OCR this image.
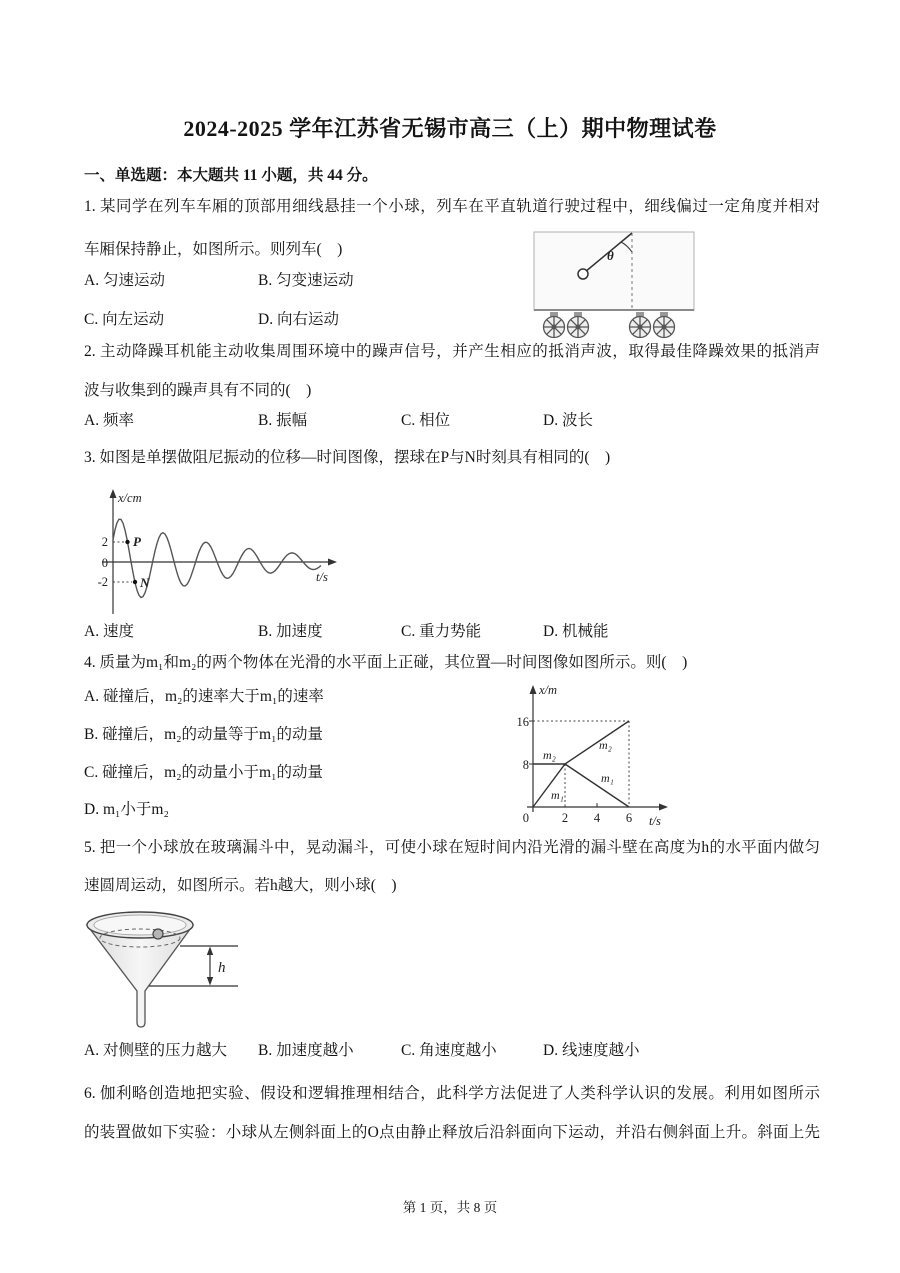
2024-2025 学年江苏省无锡市高三（上）期中物理试卷
一、单选题：本大题共 11 小题，共 44 分。
1. 某同学在列车车厢的顶部用细线悬挂一个小球，列车在平直轨道行驶过程中，细线偏过一定角度并相对
车厢保持静止，如图所示。则列车(　)
A. 匀速运动	B. 匀变速运动
C. 向左运动	D. 向右运动
θ
2. 主动降躁耳机能主动收集周围环境中的躁声信号，并产生相应的抵消声波，取得最佳降躁效果的抵消声
波与收集到的躁声具有不同的(　)
A. 频率	B. 振幅	C. 相位	D. 波长
3. 如图是单摆做阻尼振动的位移—时间图像，摆球在P与N时刻具有相同的(　)
x/cm
t/s
2
0
-2
P
N
A. 速度	B. 加速度	C. 重力势能	D. 机械能
4. 质量为m₁和m₂的两个物体在光滑的水平面上正碰，其位置—时间图像如图所示。则(　)
A. 碰撞后，m₂的速率大于m₁的速率
B. 碰撞后，m₂的动量等于m₁的动量
C. 碰撞后，m₂的动量小于m₁的动量
D. m₁小于m₂
x/m
t/s
0
16
8
2 4 6
m₂
m₁
m₂
m₁
5. 把一个小球放在玻璃漏斗中，晃动漏斗，可使小球在短时间内沿光滑的漏斗壁在高度为h的水平面内做匀
速圆周运动，如图所示。若h越大，则小球(　)
h
A. 对侧壁的压力越大	B. 加速度越小	C. 角速度越小	D. 线速度越小
6. 伽利略创造地把实验、假设和逻辑推理相结合，此科学方法促进了人类科学认识的发展。利用如图所示
的装置做如下实验：小球从左侧斜面上的O点由静止释放后沿斜面向下运动，并沿右侧斜面上升。斜面上先
第 1 页，共 8 页
